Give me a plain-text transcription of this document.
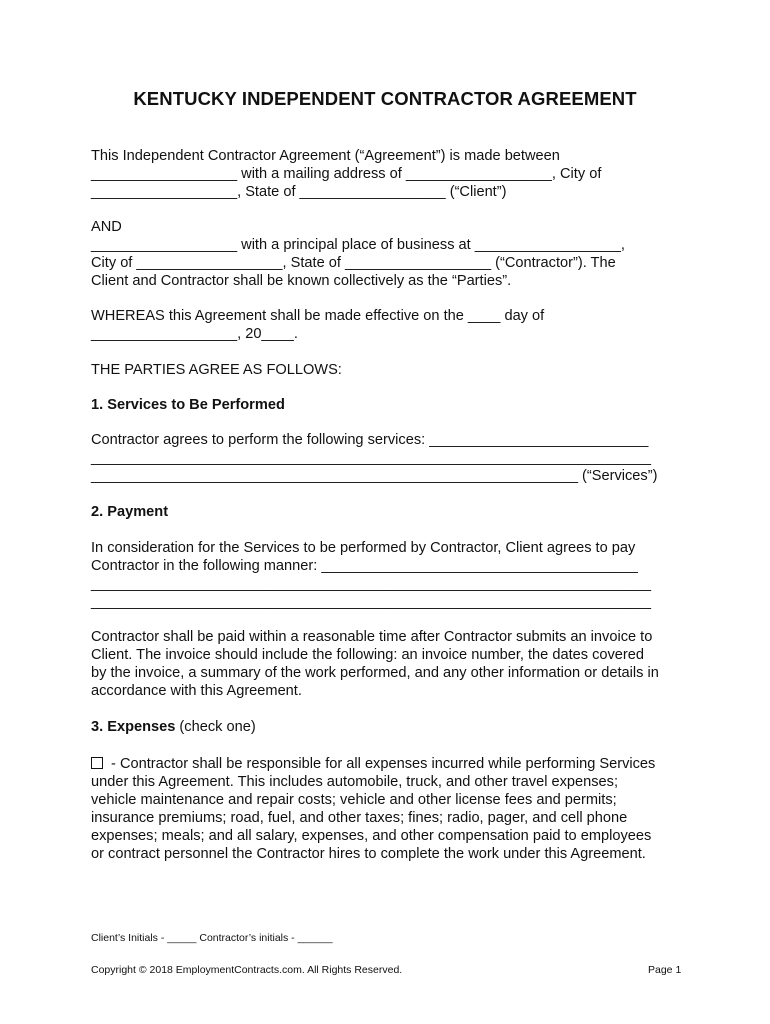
KENTUCKY INDEPENDENT CONTRACTOR AGREEMENT
This Independent Contractor Agreement (“Agreement”) is made between
__________________ with a mailing address of __________________, City of
__________________, State of __________________ (“Client”)
AND
__________________ with a principal place of business at __________________,
City of __________________, State of __________________ (“Contractor”). The
Client and Contractor shall be known collectively as the “Parties”.
WHEREAS this Agreement shall be made effective on the ____ day of
__________________, 20____.
THE PARTIES AGREE AS FOLLOWS:
1. Services to Be Performed
Contractor agrees to perform the following services: ___________________________
_____________________________________________________________________
____________________________________________________________ (“Services”)
2. Payment
In consideration for the Services to be performed by Contractor, Client agrees to pay
Contractor in the following manner: _______________________________________
_____________________________________________________________________
_____________________________________________________________________
Contractor shall be paid within a reasonable time after Contractor submits an invoice to
Client. The invoice should include the following: an invoice number, the dates covered
by the invoice, a summary of the work performed, and any other information or details in
accordance with this Agreement.
3. Expenses (check one)
- Contractor shall be responsible for all expenses incurred while performing Services
under this Agreement. This includes automobile, truck, and other travel expenses;
vehicle maintenance and repair costs; vehicle and other license fees and permits;
insurance premiums; road, fuel, and other taxes; fines; radio, pager, and cell phone
expenses; meals; and all salary, expenses, and other compensation paid to employees
or contract personnel the Contractor hires to complete the work under this Agreement.
Client’s Initials - _____ Contractor’s initials - ______
Copyright © 2018 EmploymentContracts.com. All Rights Reserved.	Page 1
